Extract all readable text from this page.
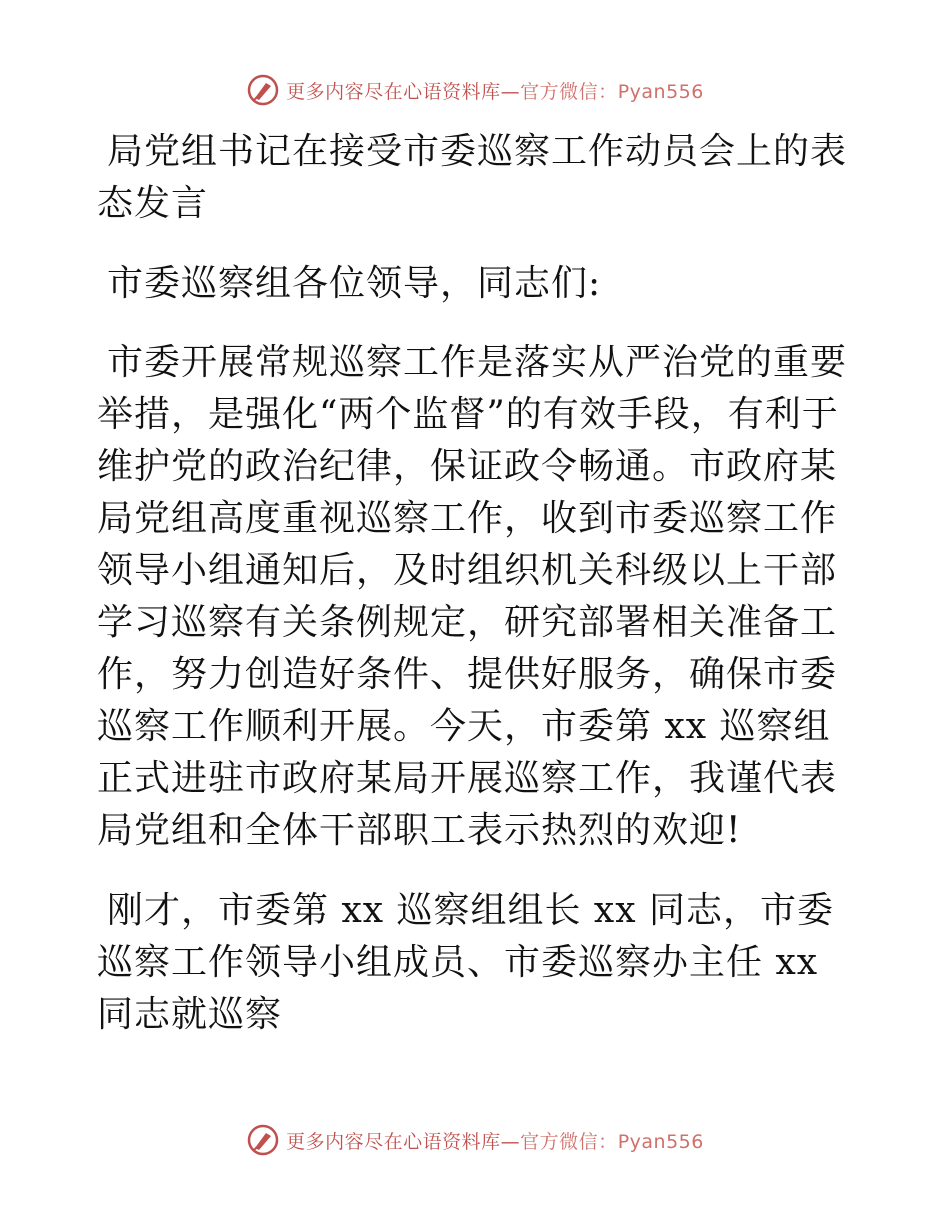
更多内容尽在心语资料库—官方微信：Pyan556

局党组书记在接受市委巡察工作动员会上的表态发言

市委巡察组各位领导，同志们:

市委开展常规巡察工作是落实从严治党的重要举措，是强化“两个监督”的有效手段，有利于维护党的政治纪律，保证政令畅通。市政府某局党组高度重视巡察工作，收到市委巡察工作领导小组通知后，及时组织机关科级以上干部学习巡察有关条例规定，研究部署相关准备工作，努力创造好条件、提供好服务，确保市委巡察工作顺利开展。今天，市委第 xx 巡察组正式进驻市政府某局开展巡察工作，我谨代表局党组和全体干部职工表示热烈的欢迎!

刚才，市委第 xx 巡察组组长 xx 同志，市委巡察工作领导小组成员、市委巡察办主任 xx 同志就巡察

更多内容尽在心语资料库—官方微信：Pyan556
